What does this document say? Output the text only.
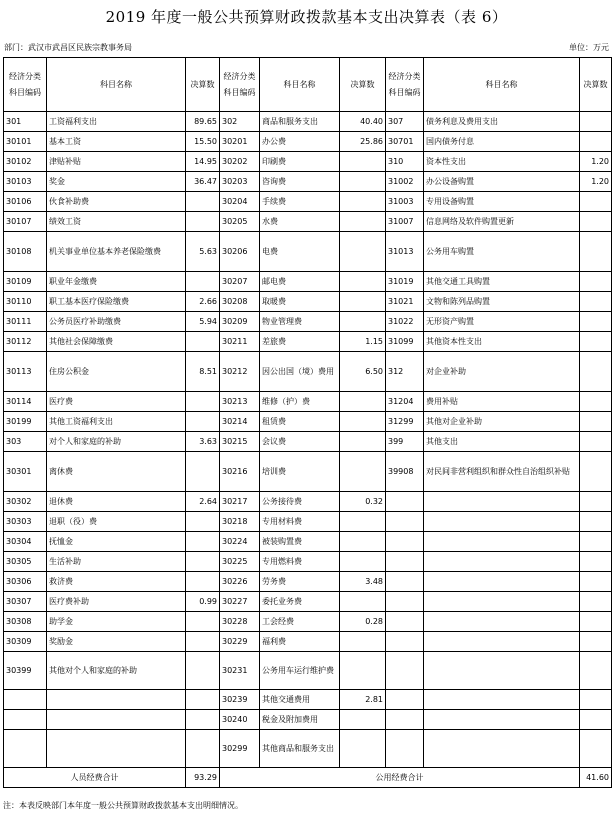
2019 年度一般公共预算财政拨款基本支出决算表（表 6）
部门：武汉市武昌区民族宗教事务局	单位：万元
经济分类科目编码	科目名称	决算数	经济分类科目编码	科目名称	决算数	经济分类科目编码	科目名称	决算数
301	工资福利支出	89.65	302	商品和服务支出	40.40	307	债务利息及费用支出	
30101	基本工资	15.50	30201	办公费	25.86	30701	国内债务付息	
30102	津贴补贴	14.95	30202	印刷费		310	资本性支出	1.20
30103	奖金	36.47	30203	咨询费		31002	办公设备购置	1.20
30106	伙食补助费		30204	手续费		31003	专用设备购置	
30107	绩效工资		30205	水费		31007	信息网络及软件购置更新	
30108	机关事业单位基本养老保险缴费	5.63	30206	电费		31013	公务用车购置	
30109	职业年金缴费		30207	邮电费		31019	其他交通工具购置	
30110	职工基本医疗保险缴费	2.66	30208	取暖费		31021	文物和陈列品购置	
30111	公务员医疗补助缴费	5.94	30209	物业管理费		31022	无形资产购置	
30112	其他社会保障缴费		30211	差旅费	1.15	31099	其他资本性支出	
30113	住房公积金	8.51	30212	因公出国（境）费用	6.50	312	对企业补助	
30114	医疗费		30213	维修（护）费		31204	费用补贴	
30199	其他工资福利支出		30214	租赁费		31299	其他对企业补助	
303	对个人和家庭的补助	3.63	30215	会议费		399	其他支出	
30301	离休费		30216	培训费		39908	对民间非营利组织和群众性自治组织补贴	
30302	退休费	2.64	30217	公务接待费	0.32			
30303	退职（役）费		30218	专用材料费				
30304	抚恤金		30224	被装购置费				
30305	生活补助		30225	专用燃料费				
30306	救济费		30226	劳务费	3.48			
30307	医疗费补助	0.99	30227	委托业务费				
30308	助学金		30228	工会经费	0.28			
30309	奖励金		30229	福利费				
30399	其他对个人和家庭的补助		30231	公务用车运行维护费				
			30239	其他交通费用	2.81			
			30240	税金及附加费用				
			30299	其他商品和服务支出				
人员经费合计		93.29	公用经费合计					41.60
注：本表反映部门本年度一般公共预算财政拨款基本支出明细情况。
